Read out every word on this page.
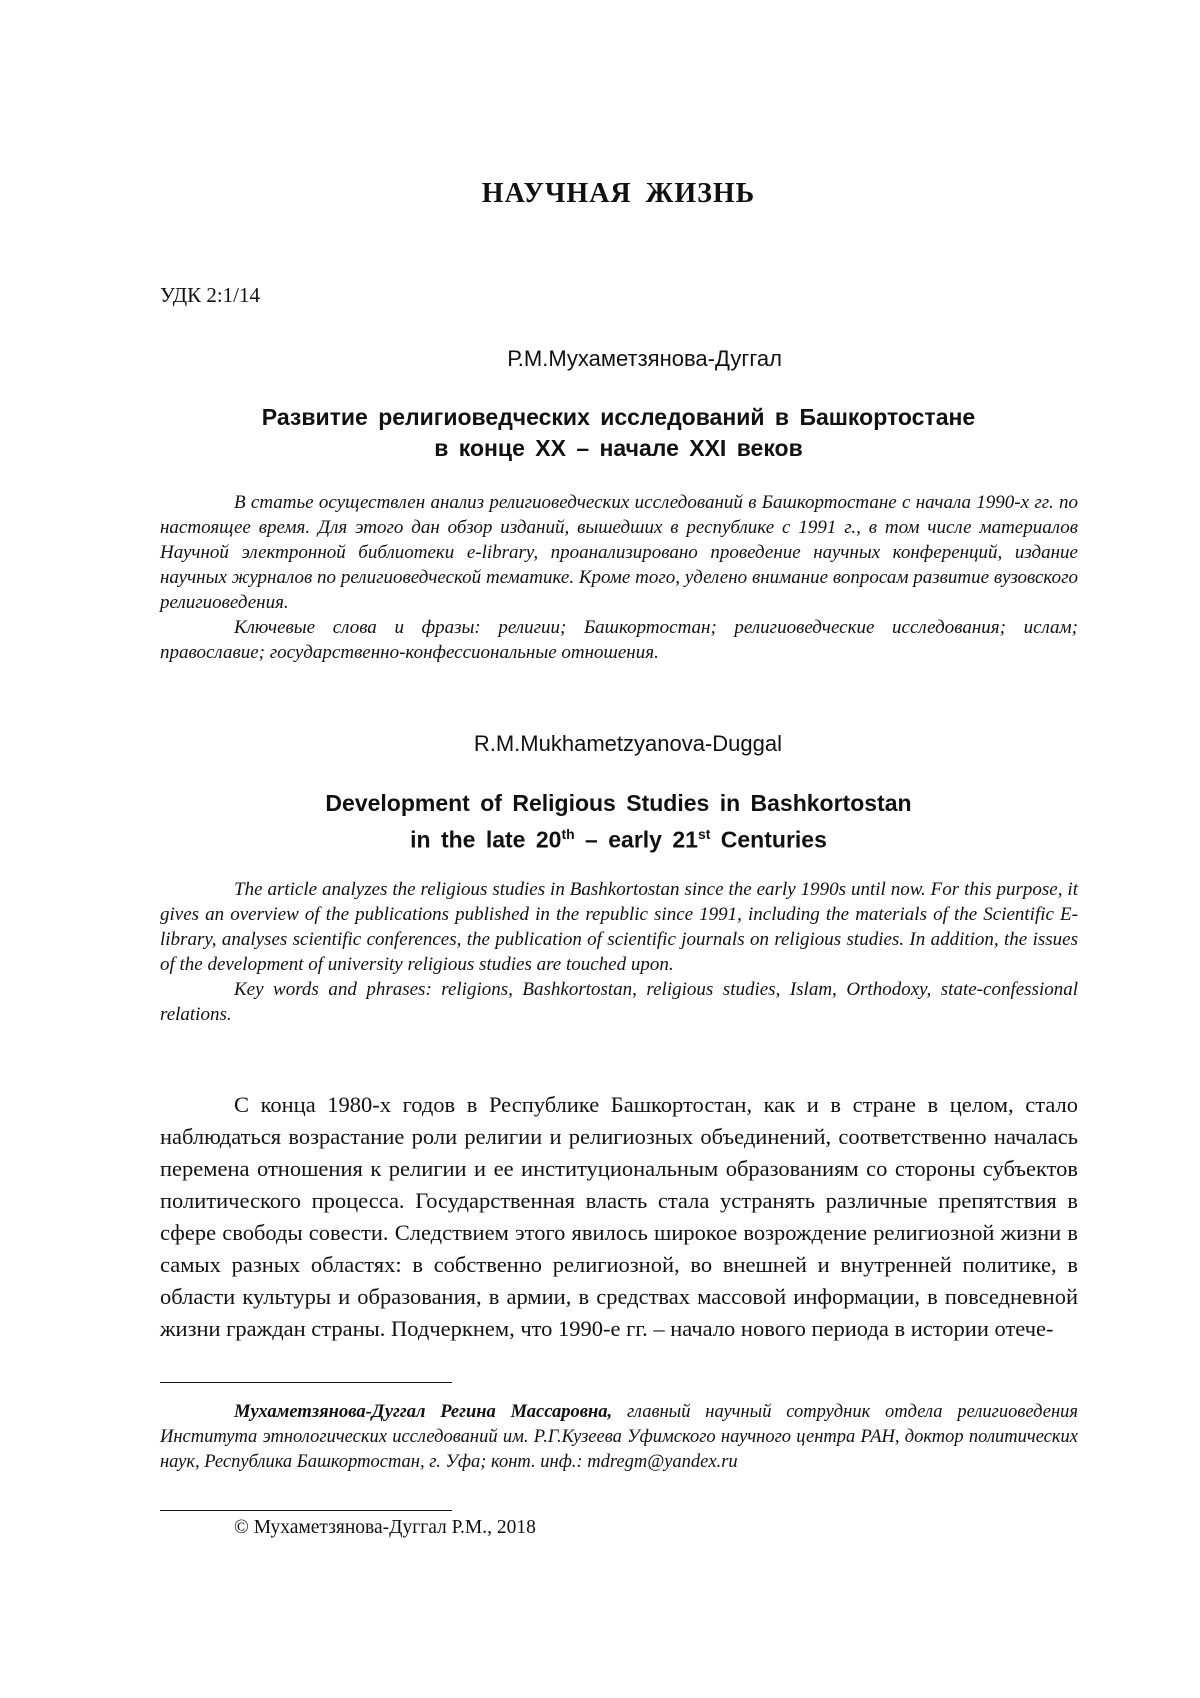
НАУЧНАЯ ЖИЗНЬ
УДК 2:1/14
Р.М.Мухаметзянова-Дуггал
Развитие религиоведческих исследований в Башкортостане
в конце XX – начале XXI веков

В статье осуществлен анализ религиоведческих исследований в Башкортостане с начала 1990-х гг. по настоящее время. Для этого дан обзор изданий, вышедших в республике с 1991 г., в том числе материалов Научной электронной библиотеки e-library, проанализировано проведение научных конференций, издание научных журналов по религиоведческой тематике. Кроме того, уделено внимание вопросам развитие вузовского религиоведения.

Ключевые слова и фразы: религии; Башкортостан; религиоведческие исследования; ислам; православие; государственно-конфессиональные отношения.

R.M.Mukhametzyanova-Duggal
Development of Religious Studies in Bashkortostan
in the late 20th – early 21st Centuries

The article analyzes the religious studies in Bashkortostan since the early 1990s until now. For this purpose, it gives an overview of the publications published in the republic since 1991, including the materials of the Scientific E-library, analyses scientific conferences, the publication of scientific journals on religious studies. In addition, the issues of the development of university religious studies are touched upon.

Key words and phrases: religions, Bashkortostan, religious studies, Islam, Orthodoxy, state-confessional relations.

С конца 1980-х годов в Республике Башкортостан, как и в стране в целом, стало наблюдаться возрастание роли религии и религиозных объединений, соответственно началась перемена отношения к религии и ее институциональным образованиям со стороны субъектов политического процесса. Государственная власть стала устранять различные препятствия в сфере свободы совести. Следствием этого явилось широкое возрождение религиозной жизни в самых разных областях: в собственно религиозной, во внешней и внутренней политике, в области культуры и образования, в армии, в средствах массовой информации, в повседневной жизни граждан страны. Подчеркнем, что 1990-е гг. – начало нового периода в истории отече-

Мухаметзянова-Дуггал Регина Массаровна, главный научный сотрудник отдела религиоведения Института этнологических исследований им. Р.Г.Кузеева Уфимского научного центра РАН, доктор политических наук, Республика Башкортостан, г. Уфа; конт. инф.: mdregm@yandex.ru

© Мухаметзянова-Дуггал Р.М., 2018
